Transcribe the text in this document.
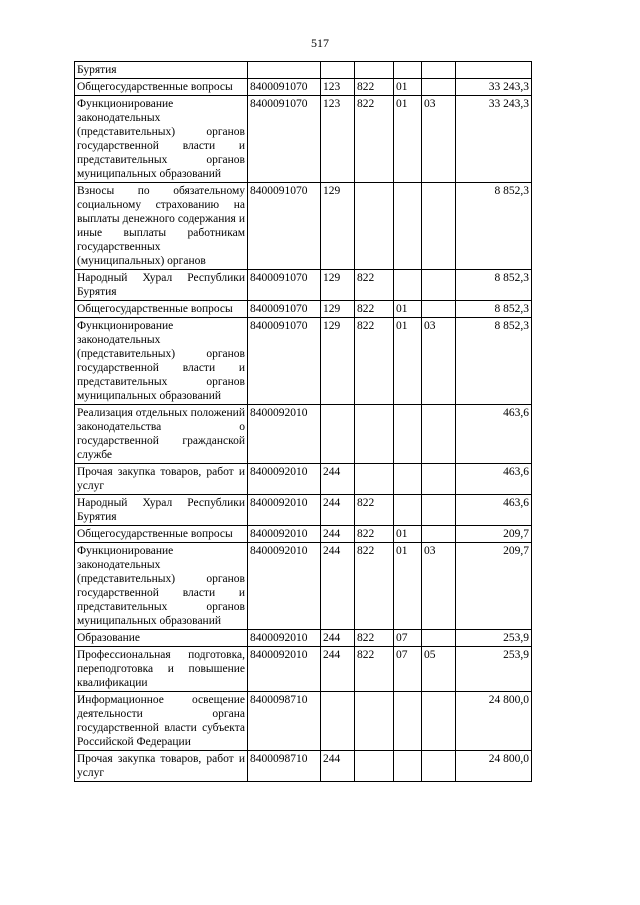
517
Бурятия						
Общегосударственные вопросы	8400091070	123	822	01		33 243,3
Функционирование законодательных (представительных) органов государственной власти и представительных органов муниципальных образований	8400091070	123	822	01	03	33 243,3
Взносы по обязательному социальному страхованию на выплаты денежного содержания и иные выплаты работникам государственных (муниципальных) органов	8400091070	129				8 852,3
Народный Хурал Республики Бурятия	8400091070	129	822			8 852,3
Общегосударственные вопросы	8400091070	129	822	01		8 852,3
Функционирование законодательных (представительных) органов государственной власти и представительных органов муниципальных образований	8400091070	129	822	01	03	8 852,3
Реализация отдельных положений законодательства о государственной гражданской службе	8400092010					463,6
Прочая закупка товаров, работ и услуг	8400092010	244				463,6
Народный Хурал Республики Бурятия	8400092010	244	822			463,6
Общегосударственные вопросы	8400092010	244	822	01		209,7
Функционирование законодательных (представительных) органов государственной власти и представительных органов муниципальных образований	8400092010	244	822	01	03	209,7
Образование	8400092010	244	822	07		253,9
Профессиональная подготовка, переподготовка и повышение квалификации	8400092010	244	822	07	05	253,9
Информационное освещение деятельности органа государственной власти субъекта Российской Федерации	8400098710					24 800,0
Прочая закупка товаров, работ и услуг	8400098710	244				24 800,0
